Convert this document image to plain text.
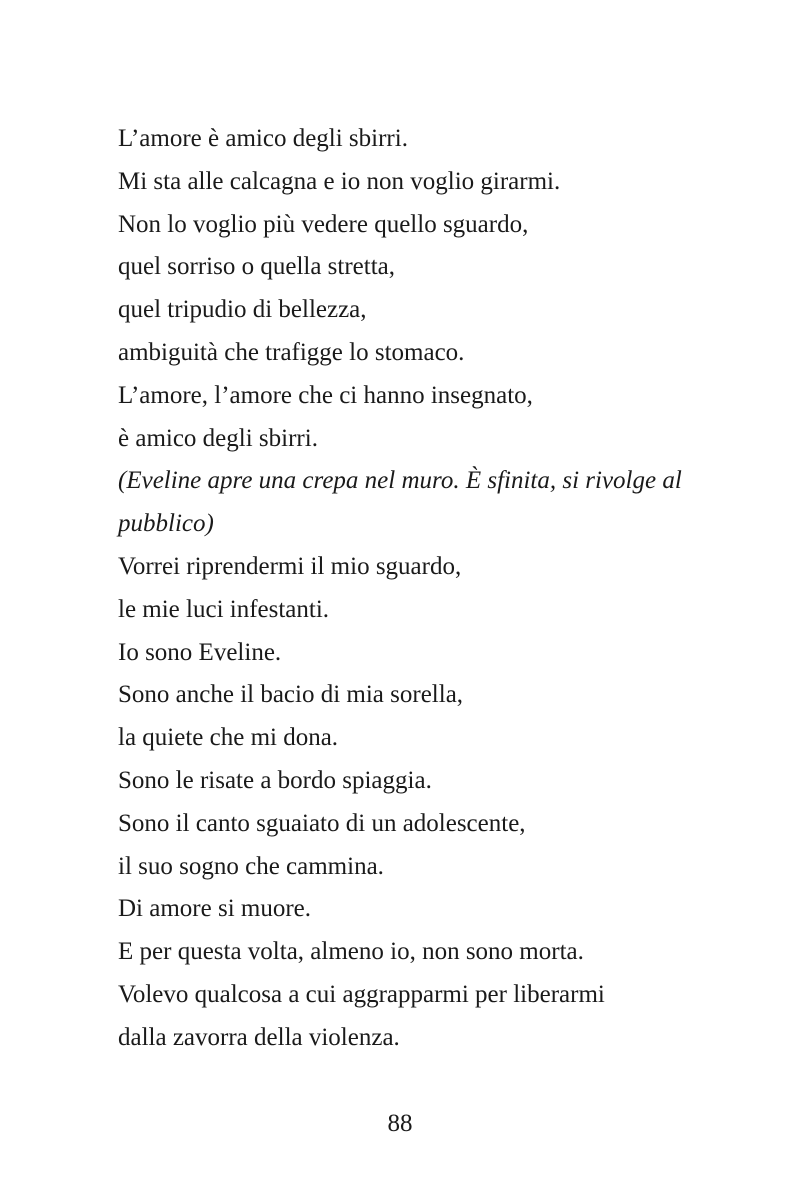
L’amore è amico degli sbirri.
Mi sta alle calcagna e io non voglio girarmi.
Non lo voglio più vedere quello sguardo,
quel sorriso o quella stretta,
quel tripudio di bellezza,
ambiguità che trafigge lo stomaco.
L’amore, l’amore che ci hanno insegnato,
è amico degli sbirri.
(Eveline apre una crepa nel muro. È sfinita, si rivolge al
pubblico)
Vorrei riprendermi il mio sguardo,
le mie luci infestanti.
Io sono Eveline.
Sono anche il bacio di mia sorella,
la quiete che mi dona.
Sono le risate a bordo spiaggia.
Sono il canto sguaiato di un adolescente,
il suo sogno che cammina.
Di amore si muore.
E per questa volta, almeno io, non sono morta.
Volevo qualcosa a cui aggrapparmi per liberarmi
dalla zavorra della violenza.
88
